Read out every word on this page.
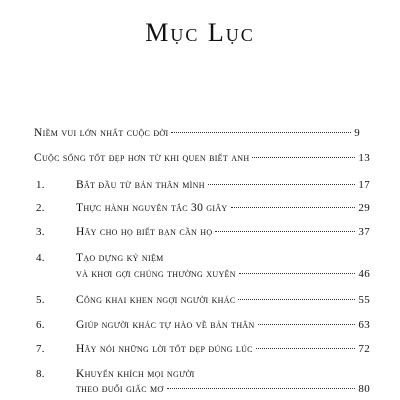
Mục Lục
Niềm vui lớn nhất cuộc đời	9
Cuộc sống tốt đẹp hơn từ khi quen biết anh	13
1.	Bắt đầu từ bản thân mình	17
2.	Thực hành nguyên tắc 30 giây	29
3.	Hãy cho họ biết bạn cần họ	37
4.	Tạo dựng kỷ niệm
và khơi gợi chúng thường xuyên	46
5.	Công khai khen ngợi người khác	55
6.	Giúp người khác tự hào về bản thân	63
7.	Hãy nói những lời tốt đẹp đúng lúc	72
8.	Khuyến khích mọi người
theo đuổi giấc mơ	80
